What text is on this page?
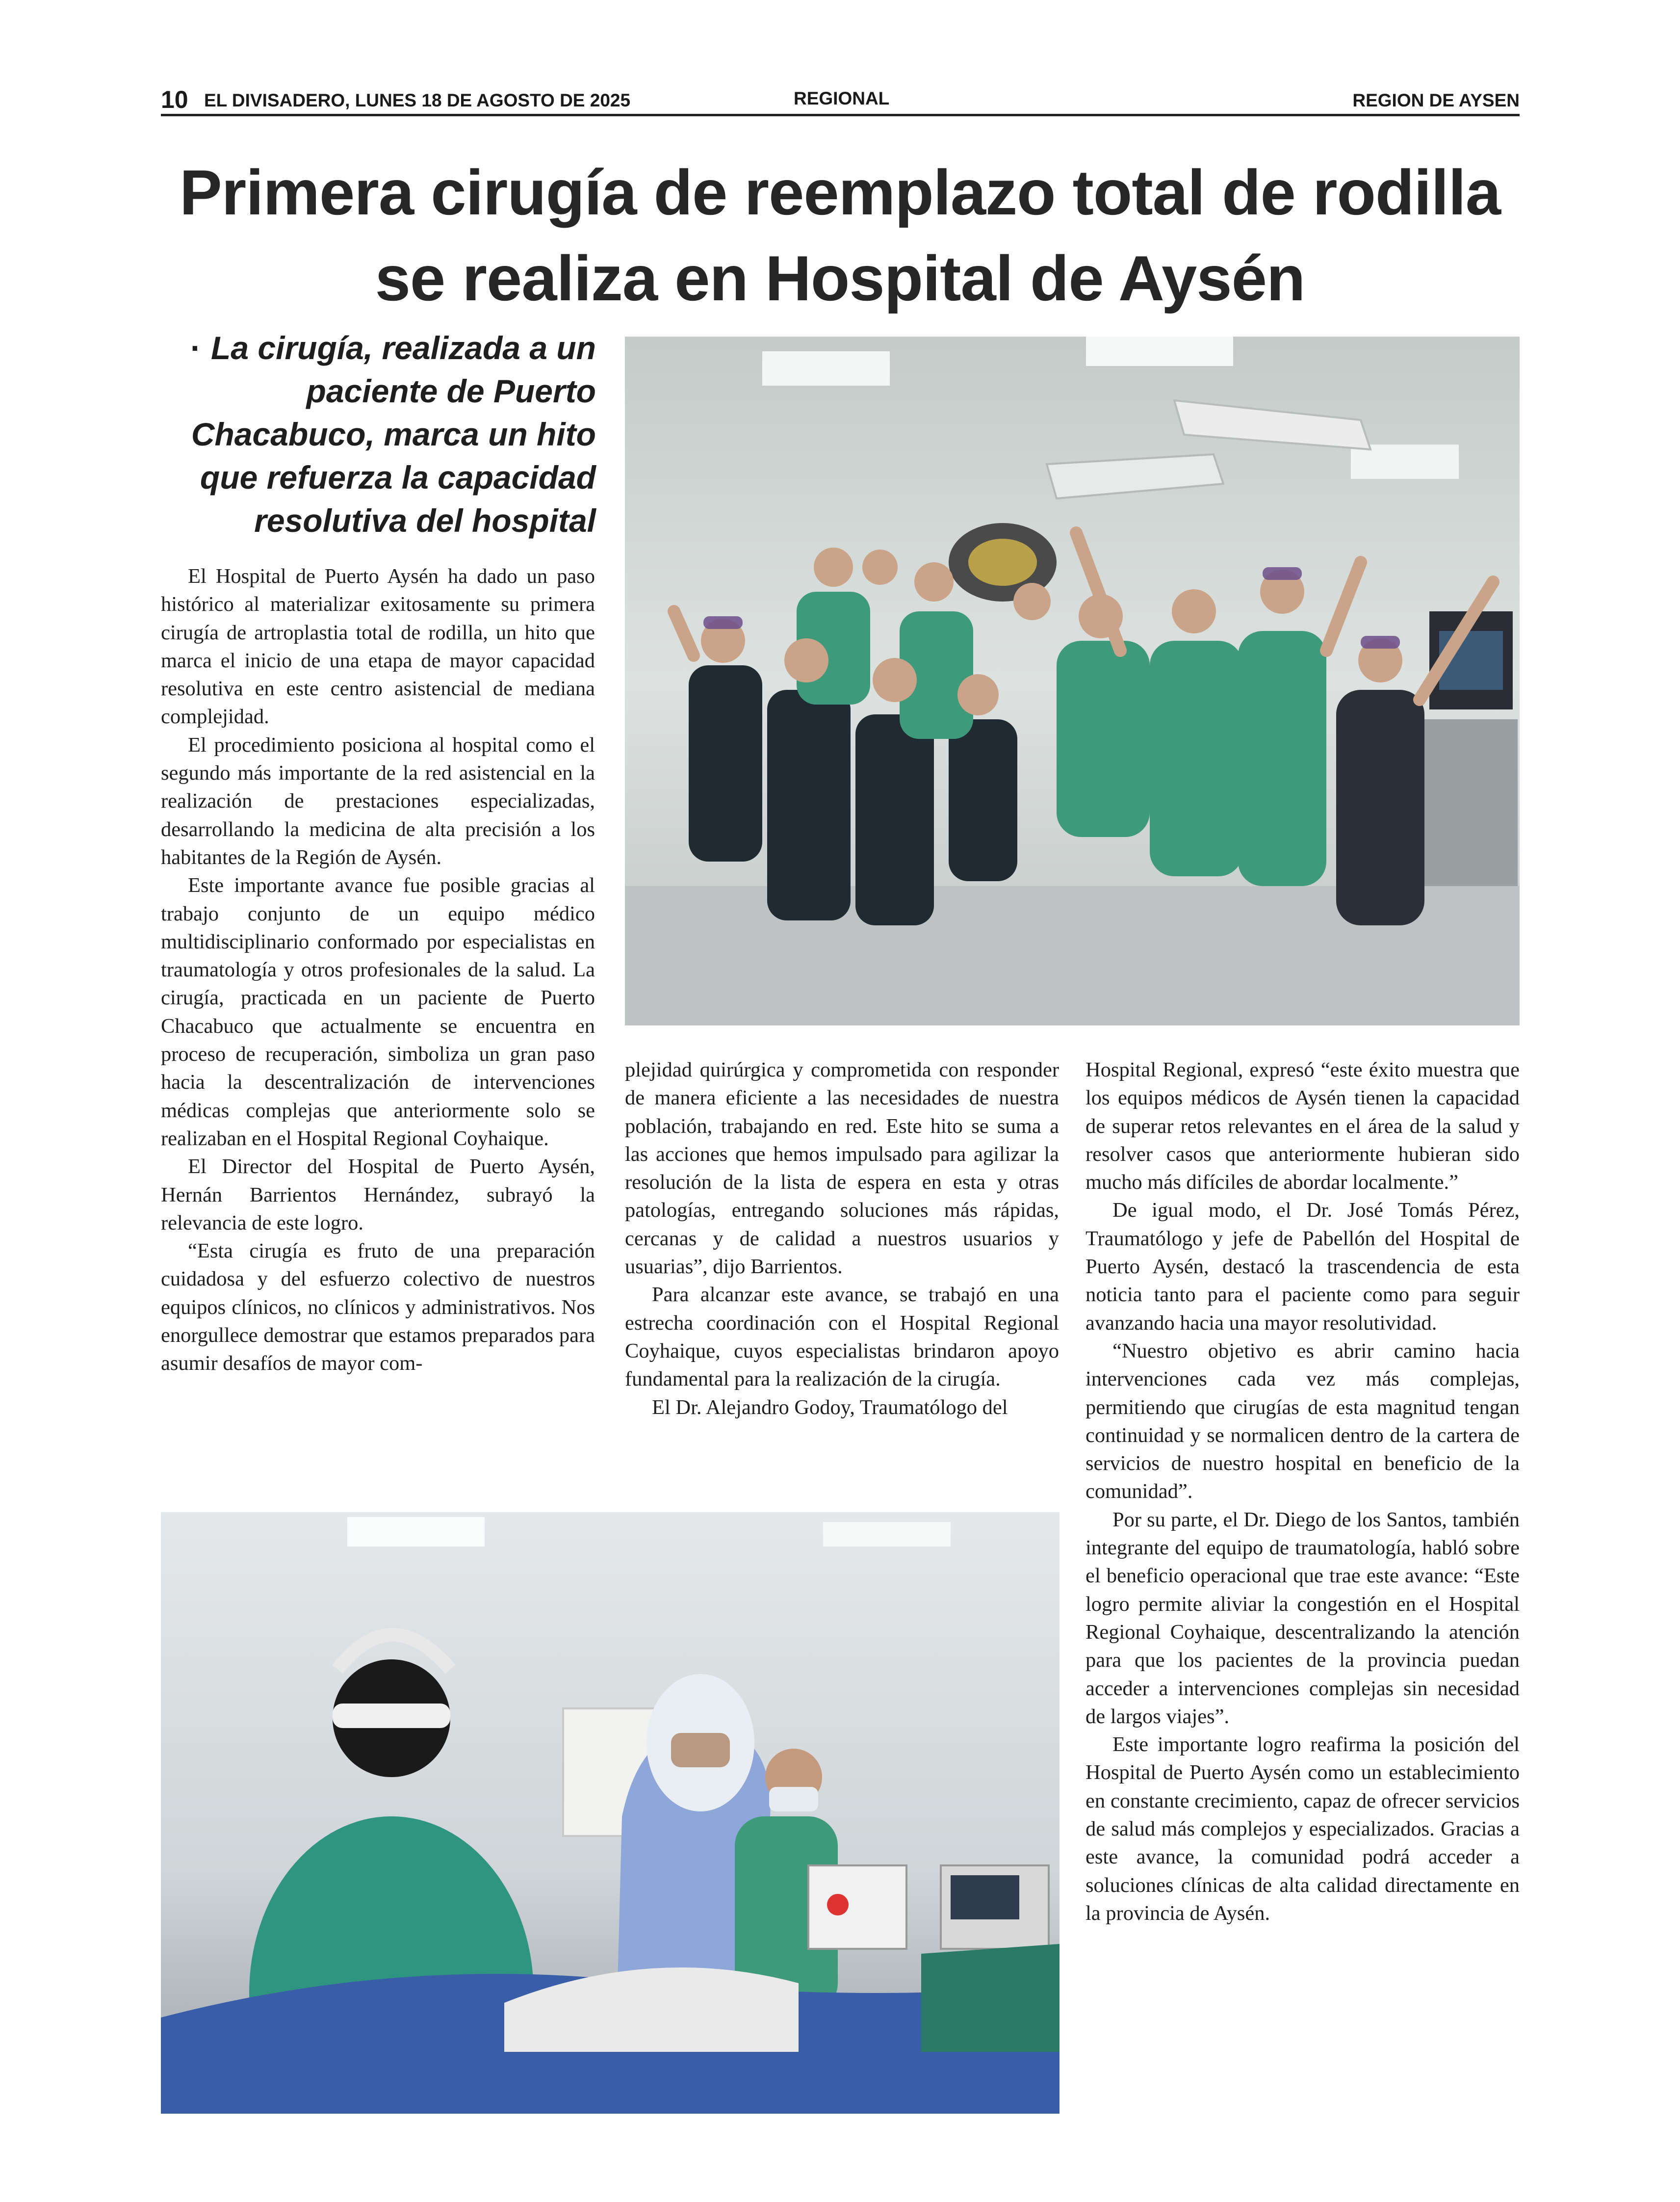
10 EL DIVISADERO, LUNES 18 DE AGOSTO DE 2025	REGIONAL	REGION DE AYSEN
Primera cirugía de reemplazo total de rodilla
se realiza en Hospital de Aysén
· La cirugía, realizada a un paciente de Puerto Chacabuco, marca un hito que refuerza la capacidad resolutiva del hospital

El Hospital de Puerto Aysén ha dado un paso histórico al materializar exitosamente su primera cirugía de artroplastia total de rodilla, un hito que marca el inicio de una etapa de mayor capacidad resolutiva en este centro asistencial de mediana complejidad.

El procedimiento posiciona al hospital como el segundo más importante de la red asistencial en la realización de prestaciones especializadas, desarrollando la medicina de alta precisión a los habitantes de la Región de Aysén.

Este importante avance fue posible gracias al trabajo conjunto de un equipo médico multidisciplinario conformado por especialistas en traumatología y otros profesionales de la salud. La cirugía, practicada en un paciente de Puerto Chacabuco que actualmente se encuentra en proceso de recuperación, simboliza un gran paso hacia la descentralización de intervenciones médicas complejas que anteriormente solo se realizaban en el Hospital Regional Coyhaique.

El Director del Hospital de Puerto Aysén, Hernán Barrientos Hernández, subrayó la relevancia de este logro.

“Esta cirugía es fruto de una preparación cuidadosa y del esfuerzo colectivo de nuestros equipos clínicos, no clínicos y administrativos. Nos enorgullece demostrar que estamos preparados para asumir desafíos de mayor com-

plejidad quirúrgica y comprometida con responder de manera eficiente a las necesidades de nuestra población, trabajando en red. Este hito se suma a las acciones que hemos impulsado para agilizar la resolución de la lista de espera en esta y otras patologías, entregando soluciones más rápidas, cercanas y de calidad a nuestros usuarios y usuarias”, dijo Barrientos.

Para alcanzar este avance, se trabajó en una estrecha coordinación con el Hospital Regional Coyhaique, cuyos especialistas brindaron apoyo fundamental para la realización de la cirugía.

El Dr. Alejandro Godoy, Traumatólogo del

Hospital Regional, expresó “este éxito muestra que los equipos médicos de Aysén tienen la capacidad de superar retos relevantes en el área de la salud y resolver casos que anteriormente hubieran sido mucho más difíciles de abordar localmente.”

De igual modo, el Dr. José Tomás Pérez, Traumatólogo y jefe de Pabellón del Hospital de Puerto Aysén, destacó la trascendencia de esta noticia tanto para el paciente como para seguir avanzando hacia una mayor resolutividad.

“Nuestro objetivo es abrir camino hacia intervenciones cada vez más complejas, permitiendo que cirugías de esta magnitud tengan continuidad y se normalicen dentro de la cartera de servicios de nuestro hospital en beneficio de la comunidad”.

Por su parte, el Dr. Diego de los Santos, también integrante del equipo de traumatología, habló sobre el beneficio operacional que trae este avance: “Este logro permite aliviar la congestión en el Hospital Regional Coyhaique, descentralizando la atención para que los pacientes de la provincia puedan acceder a intervenciones complejas sin necesidad de largos viajes”.

Este importante logro reafirma la posición del Hospital de Puerto Aysén como un establecimiento en constante crecimiento, capaz de ofrecer servicios de salud más complejos y especializados. Gracias a este avance, la comunidad podrá acceder a soluciones clínicas de alta calidad directamente en la provincia de Aysén.
